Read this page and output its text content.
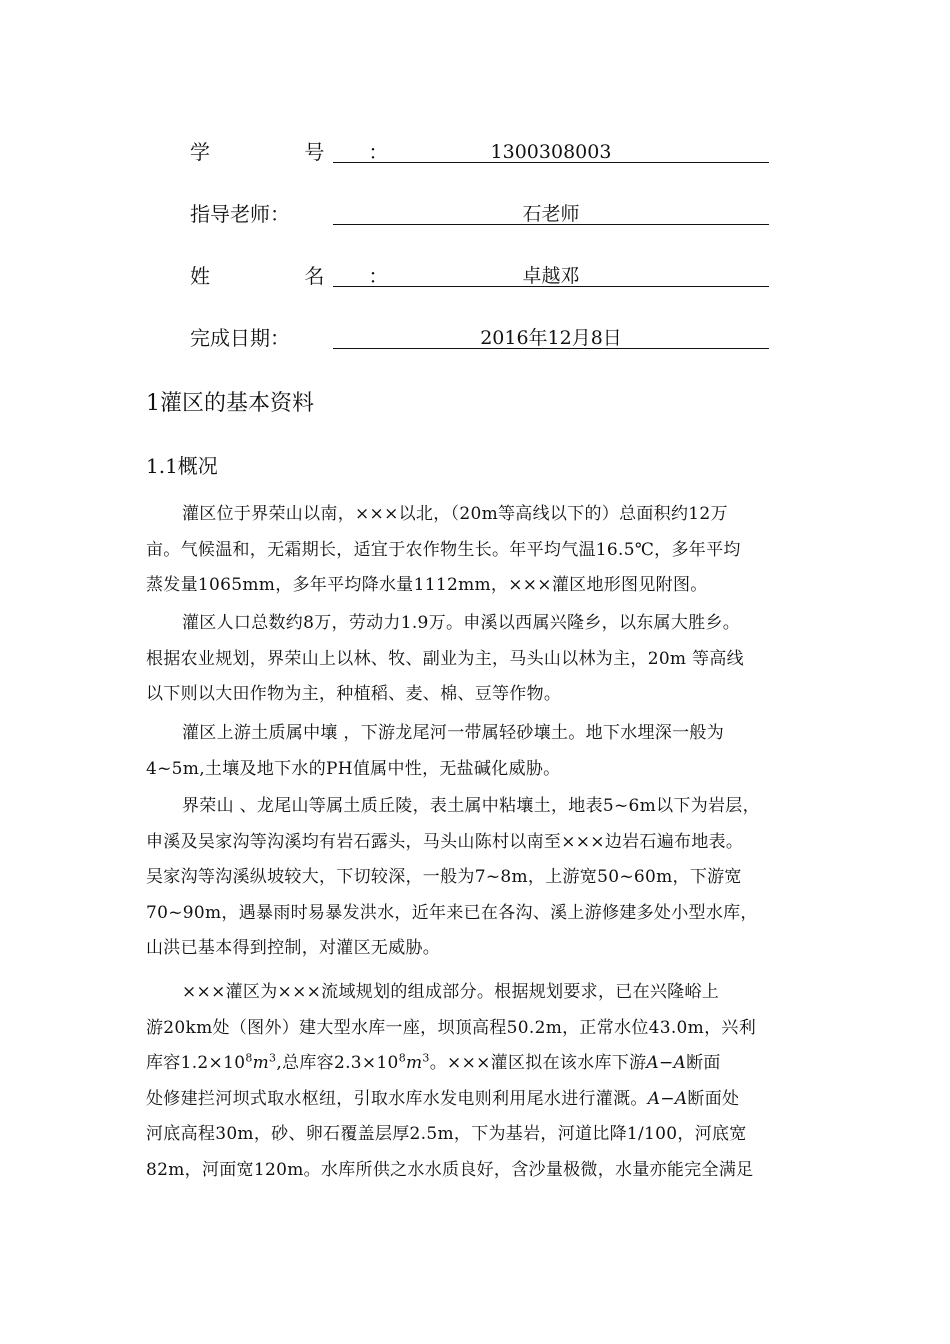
学 号：	1300308003
指导老师：	石老师
姓 名：	卓越邓
完成日期：	2016年12月8日
1灌区的基本资料
1.1概况
灌区位于界荣山以南，×××以北，（20m等高线以下的）总面积约12万
亩。气候温和，无霜期长，适宜于农作物生长。年平均气温16.5℃，多年平均
蒸发量1065mm，多年平均降水量1112mm，×××灌区地形图见附图。
灌区人口总数约8万，劳动力1.9万。申溪以西属兴隆乡，以东属大胜乡。
根据农业规划，界荣山上以林、牧、副业为主，马头山以林为主，20m 等高线
以下则以大田作物为主，种植稻、麦、棉、豆等作物。
灌区上游土质属中壤 ，下游龙尾河一带属轻砂壤土。地下水埋深一般为
4~5m,土壤及地下水的PH值属中性，无盐碱化威胁。
界荣山 、龙尾山等属土质丘陵，表土属中粘壤土，地表5~6m以下为岩层，
申溪及吴家沟等沟溪均有岩石露头，马头山陈村以南至×××边岩石遍布地表。
吴家沟等沟溪纵坡较大，下切较深，一般为7~8m，上游宽50~60m，下游宽
70~90m，遇暴雨时易暴发洪水，近年来已在各沟、溪上游修建多处小型水库，
山洪已基本得到控制，对灌区无威胁。
×××灌区为×××流域规划的组成部分。根据规划要求，已在兴隆峪上
游20km处（图外）建大型水库一座，坝顶高程50.2m，正常水位43.0m，兴利
库容$1.2\times 10^8m^3$,总库容$2.3\times 10^8m^3$。×××灌区拟在该水库下游A−A断面
处修建拦河坝式取水枢纽，引取水库水发电则利用尾水进行灌溉。A−A断面处
河底高程30m，砂、卵石覆盖层厚2.5m，下为基岩，河道比降1/100，河底宽
82m，河面宽120m。水库所供之水水质良好，含沙量极微，水量亦能完全满足
